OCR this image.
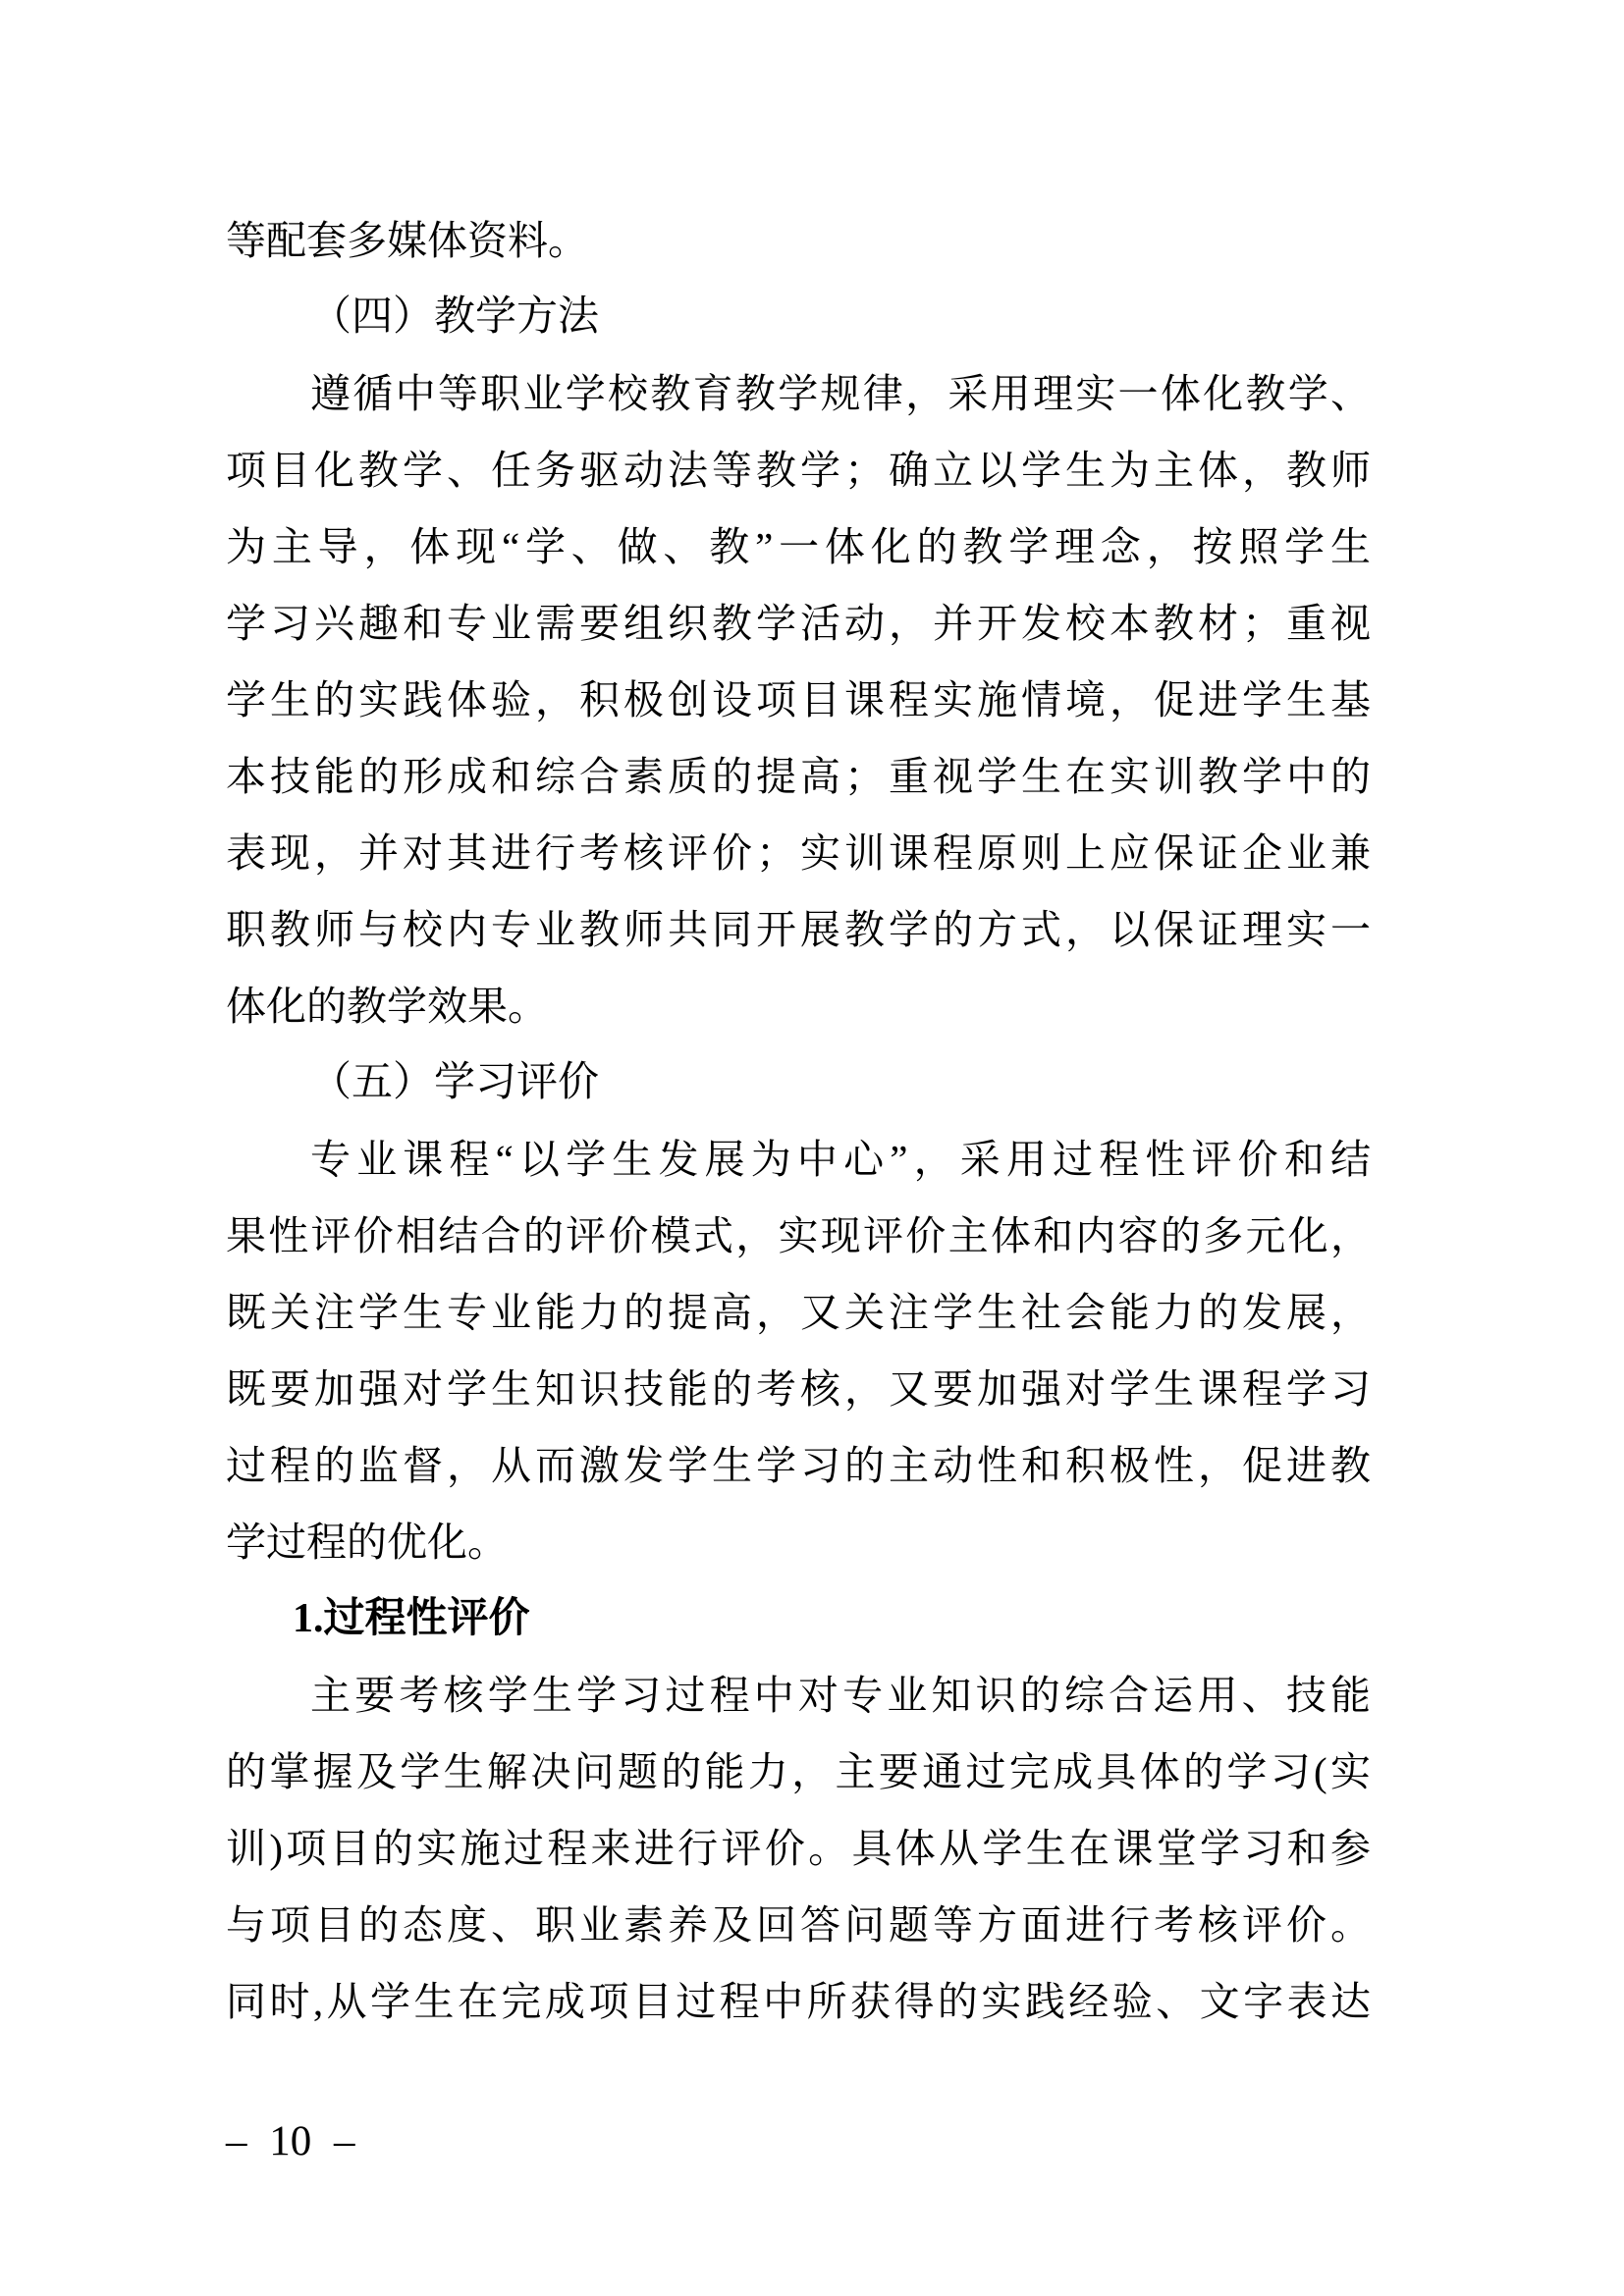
等配套多媒体资料。
（四）教学方法
遵循中等职业学校教育教学规律，采用理实一体化教学、
项目化教学、任务驱动法等教学；确立以学生为主体，教师
为主导，体现“学、做、教”一体化的教学理念，按照学生
学习兴趣和专业需要组织教学活动，并开发校本教材；重视
学生的实践体验，积极创设项目课程实施情境，促进学生基
本技能的形成和综合素质的提高；重视学生在实训教学中的
表现，并对其进行考核评价；实训课程原则上应保证企业兼
职教师与校内专业教师共同开展教学的方式，以保证理实一
体化的教学效果。
（五）学习评价
专业课程“以学生发展为中心”，采用过程性评价和结
果性评价相结合的评价模式，实现评价主体和内容的多元化，
既关注学生专业能力的提高，又关注学生社会能力的发展，
既要加强对学生知识技能的考核，又要加强对学生课程学习
过程的监督，从而激发学生学习的主动性和积极性，促进教
学过程的优化。
1.过程性评价
主要考核学生学习过程中对专业知识的综合运用、技能
的掌握及学生解决问题的能力，主要通过完成具体的学习(实
训)项目的实施过程来进行评价。具体从学生在课堂学习和参
与项目的态度、职业素养及回答问题等方面进行考核评价。
同时,从学生在完成项目过程中所获得的实践经验、文字表达
– 10 –
